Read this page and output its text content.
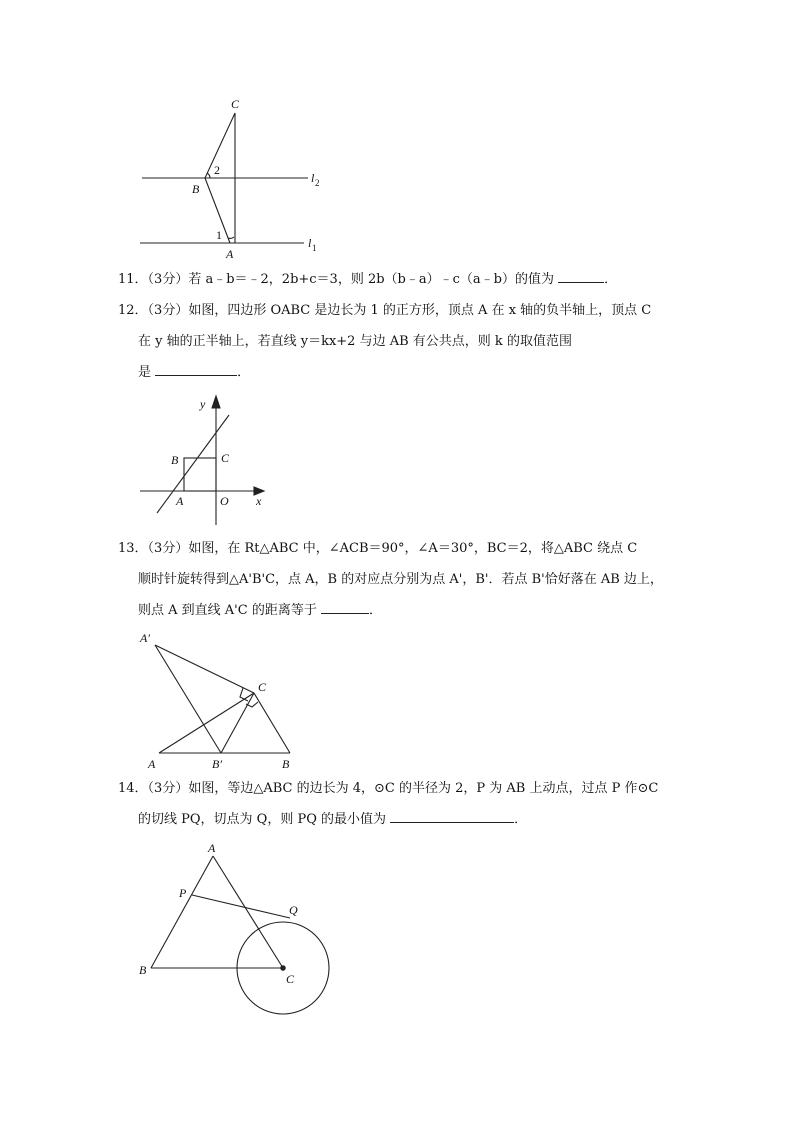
C
B
A
2
1
l 2
l 1
11．（3分）若 a﹣b＝﹣2，2b+c＝3，则 2b（b﹣a）﹣c（a﹣b）的值为	．
12．（3分）如图，四边形 OABC 是边长为 1 的正方形，顶点 A 在 x 轴的负半轴上，顶点 C
在 y 轴的正半轴上，若直线 y＝kx+2 与边 AB 有公共点，则 k 的取值范围
是	．
y
x
B	C
A	O
13．（3分）如图，在 Rt△ABC 中，∠ACB＝90°，∠A＝30°，BC＝2，将△ABC 绕点 C
顺时针旋转得到△A'B'C，点 A，B 的对应点分别为点 A'，B'．若点 B'恰好落在 AB 边上，
则点 A 到直线 A'C 的距离等于	．
A′
C
A	B′	B
14．（3分）如图，等边△ABC 的边长为 4，⊙C 的半径为 2，P 为 AB 上动点，过点 P 作⊙C
的切线 PQ，切点为 Q，则 PQ 的最小值为	．
A
P
Q
B
C
